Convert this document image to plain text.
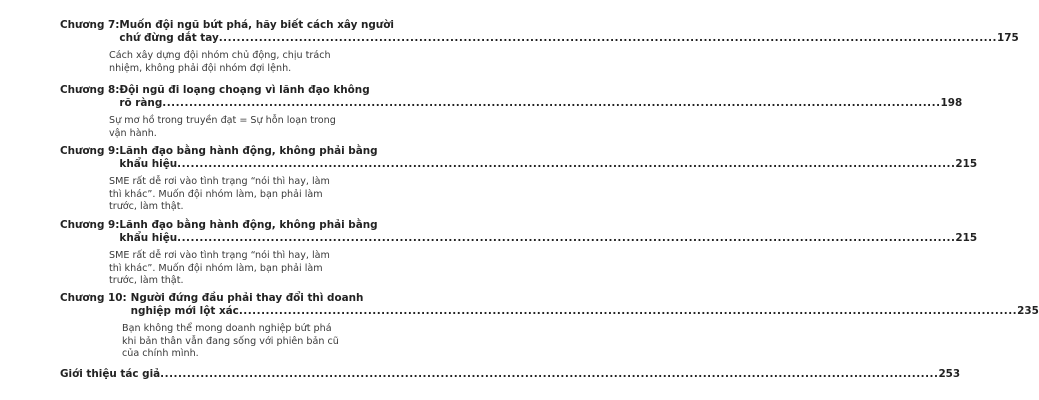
Chương 7: Muốn đội ngũ bứt phá, hãy biết cách xây người
chứ đừng dắt tay .....	175
Cách xây dựng đội nhóm chủ động, chịu trách
nhiệm, không phải đội nhóm đợi lệnh.
Chương 8: Đội ngũ đi loạng choạng vì lãnh đạo không
rõ ràng .....	198
Sự mơ hồ trong truyền đạt = Sự hỗn loạn trong
vận hành.
Chương 9: Lãnh đạo bằng hành động, không phải bằng
khẩu hiệu .....	215
SME rất dễ rơi vào tình trạng “nói thì hay, làm
thì khác”. Muốn đội nhóm làm, bạn phải làm
trước, làm thật.
Chương 9: Lãnh đạo bằng hành động, không phải bằng
khẩu hiệu .....	215
SME rất dễ rơi vào tình trạng “nói thì hay, làm
thì khác”. Muốn đội nhóm làm, bạn phải làm
trước, làm thật.
Chương 10: Người đứng đầu phải thay đổi thì doanh
nghiệp mới lột xác .....	235
Bạn không thể mong doanh nghiệp bứt phá
khi bản thân vẫn đang sống với phiên bản cũ
của chính mình.
Giới thiệu tác giả .....	253
